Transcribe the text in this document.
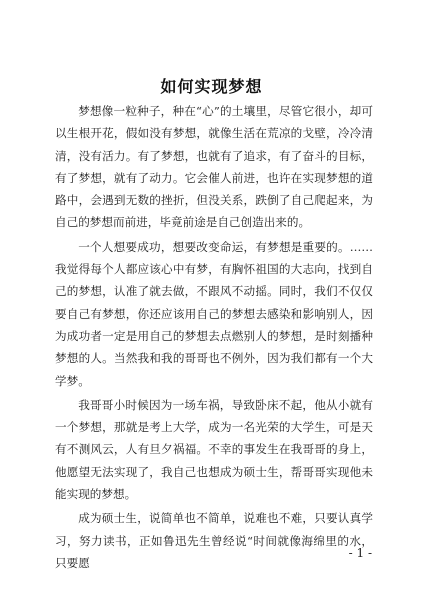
如何实现梦想

梦想像一粒种子，种在“心”的土壤里，尽管它很小，却可以生根开花，假如没有梦想，就像生活在荒凉的戈壁，冷冷清清，没有活力。有了梦想，也就有了追求，有了奋斗的目标，有了梦想，就有了动力。它会催人前进，也许在实现梦想的道路中，会遇到无数的挫折，但没关系，跌倒了自己爬起来，为自己的梦想而前进，毕竟前途是自己创造出来的。

一个人想要成功，想要改变命运，有梦想是重要的。……我觉得每个人都应该心中有梦，有胸怀祖国的大志向，找到自己的梦想，认准了就去做，不跟风不动摇。同时，我们不仅仅要自己有梦想，你还应该用自己的梦想去感染和影响别人，因为成功者一定是用自己的梦想去点燃别人的梦想，是时刻播种梦想的人。当然我和我的哥哥也不例外，因为我们都有一个大学梦。

我哥哥小时候因为一场车祸，导致卧床不起，他从小就有一个梦想，那就是考上大学，成为一名光荣的大学生，可是天有不测风云，人有旦夕祸福。不幸的事发生在我哥哥的身上，他愿望无法实现了，我自己也想成为硕士生，帮哥哥实现他未能实现的梦想。

成为硕士生，说简单也不简单，说难也不难，只要认真学习，努力读书，正如鲁迅先生曾经说“时间就像海绵里的水，只要愿

- 1 -
